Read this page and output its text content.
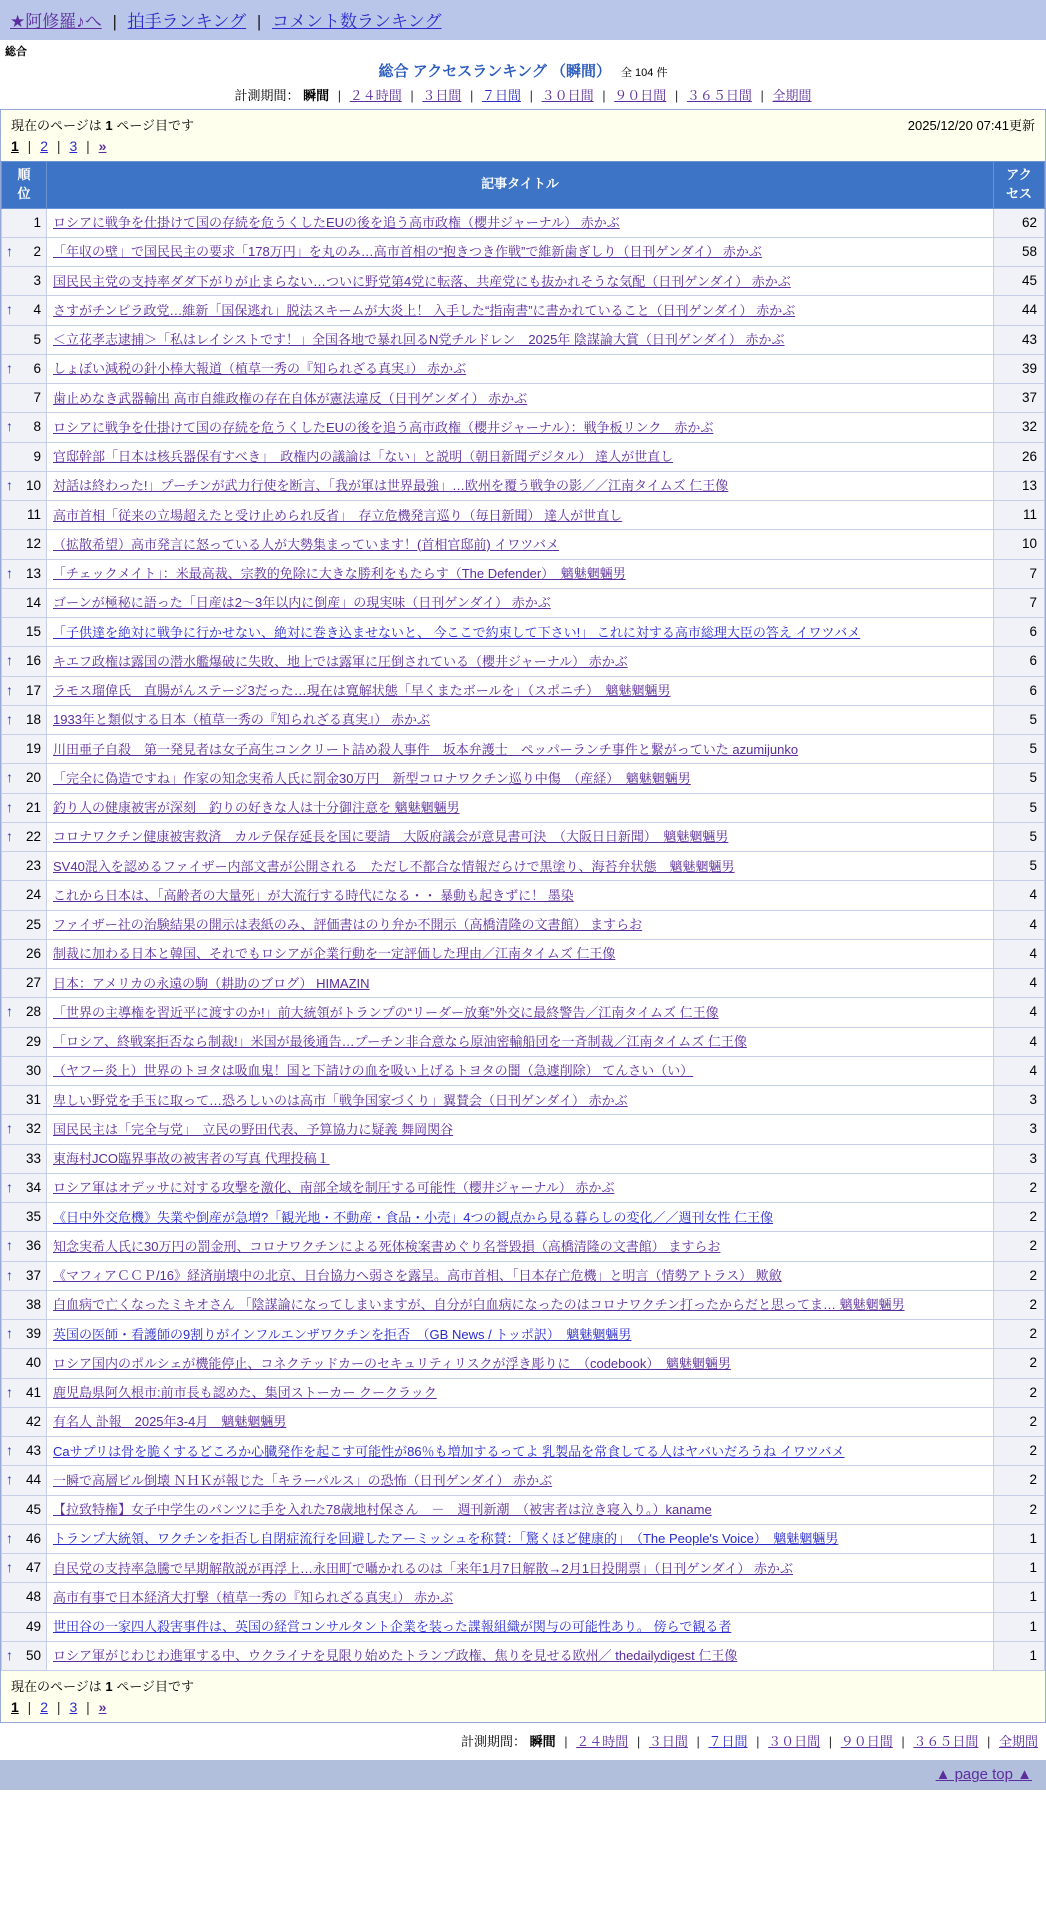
★阿修羅♪へ | 拍手ランキング | コメント数ランキング
総合
総合 アクセスランキング （瞬間） 全 104 件
計測期間： 瞬間 | ２４時間 | ３日間 | ７日間 | ３０日間 | ９０日間 | ３６５日間 | 全期間
現在のページは 1 ページ目です	2025/12/20 07:41更新
1 | 2 | 3 | »
順
位	記事タイトル	アク
セス
1	ロシアに戦争を仕掛けて国の存続を危うくしたEUの後を追う高市政権（櫻井ジャーナル） 赤かぶ	62

↑ 2	「年収の壁」で国民民主の要求「178万円」を丸のみ…高市首相の“抱きつき作戦”で維新歯ぎしり（日刊ゲンダイ） 赤かぶ	58
3	国民民主党の支持率ダダ下がりが止まらない…ついに野党第4党に転落、共産党にも抜かれそうな気配（日刊ゲンダイ） 赤かぶ	45

↑ 4	さすがチンピラ政党…維新「国保逃れ」脱法スキームが大炎上！ 入手した“指南書”に書かれていること（日刊ゲンダイ） 赤かぶ	44
5	＜立花孝志逮捕＞「私はレイシストです！」全国各地で暴れ回るN党チルドレン　2025年 陰謀論大賞（日刊ゲンダイ） 赤かぶ	43

↑ 6	しょぼい減税の針小棒大報道（植草一秀の『知られざる真実』） 赤かぶ	39
7	歯止めなき武器輸出 高市自維政権の存在自体が憲法違反（日刊ゲンダイ） 赤かぶ	37

↑ 8	ロシアに戦争を仕掛けて国の存続を危うくしたEUの後を追う高市政権（櫻井ジャーナル）：戦争板リンク　赤かぶ	32
9	官邸幹部「日本は核兵器保有すべき」　政権内の議論は「ない」と説明（朝日新聞デジタル） 達人が世直し	26

↑ 10	対話は終わった!」プーチンが武力行使を断言、「我が軍は世界最強」…欧州を覆う戦争の影／／江南タイムズ 仁王像	13
11	高市首相「従来の立場超えたと受け止められ反省」　存立危機発言巡り（毎日新聞） 達人が世直し	11
12	（拡散希望）高市発言に怒っている人が大勢集まっています！(首相官邸前) イワツバメ	10

↑ 13	「チェックメイト」：米最高裁、宗教的免除に大きな勝利をもたらす（The Defender）　魑魅魍魎男	7
14	ゴーンが極秘に語った「日産は2〜3年以内に倒産」の現実味（日刊ゲンダイ） 赤かぶ	7
15	「子供達を絶対に戦争に行かせない、絶対に巻き込ませないと、 今ここで約束して下さい!」 これに対する高市総理大臣の答え イワツバメ	6

↑ 16	キエフ政権は露国の潜水艦爆破に失敗、地上では露軍に圧倒されている（櫻井ジャーナル） 赤かぶ	6

↑ 17	ラモス瑠偉氏　直腸がんステージ3だった…現在は寛解状態「早くまたボールを」（スポニチ）　魑魅魍魎男	6

↑ 18	1933年と類似する日本（植草一秀の『知られざる真実』） 赤かぶ	5
19	川田亜子自殺　第一発見者は女子高生コンクリート詰め殺人事件　坂本弁護士　ペッパーランチ事件と繋がっていた azumijunko	5

↑ 20	「完全に偽造ですね」作家の知念実希人氏に罰金30万円　新型コロナワクチン巡り中傷　（産経）　魑魅魍魎男	5

↑ 21	釣り人の健康被害が深刻　釣りの好きな人は十分御注意を 魑魅魍魎男	5

↑ 22	コロナワクチン健康被害救済　カルテ保存延長を国に要請　大阪府議会が意見書可決　（大阪日日新聞）　魑魅魍魎男	5
23	SV40混入を認めるファイザー内部文書が公開される　ただし不都合な情報だらけで黒塗り、海苔弁状態　魑魅魍魎男	5
24	これから日本は、「高齢者の大量死」が大流行する時代になる・・ 暴動も起きずに！ 墨染	4
25	ファイザー社の治験結果の開示は表紙のみ、評価書はのり弁か不開示（高橋清隆の文書館） ますらお	4
26	制裁に加わる日本と韓国、それでもロシアが企業行動を一定評価した理由／江南タイムズ 仁王像	4
27	日本：アメリカの永遠の駒（耕助のブログ） HIMAZIN	4

↑ 28	「世界の主導権を習近平に渡すのか!」前大統領がトランプの“リーダー放棄”外交に最終警告／江南タイムズ 仁王像	4
29	「ロシア、終戦案拒否なら制裁!」米国が最後通告…プーチン非合意なら原油密輸船団を一斉制裁／江南タイムズ 仁王像	4
30	（ヤフー炎上）世界のトヨタは吸血鬼！国と下請けの血を吸い上げるトヨタの闇（急遽削除） てんさい（い）	4
31	卑しい野党を手玉に取って…恐ろしいのは高市「戦争国家づくり」翼賛会（日刊ゲンダイ） 赤かぶ	3

↑ 32	国民民主は「完全与党」　立民の野田代表、予算協力に疑義 舞岡関谷	3
33	東海村JCO臨界事故の被害者の写真 代理投稿１	3

↑ 34	ロシア軍はオデッサに対する攻撃を激化、南部全域を制圧する可能性（櫻井ジャーナル） 赤かぶ	2
35	《日中外交危機》失業や倒産が急増?「観光地・不動産・食品・小売」4つの観点から見る暮らしの変化／／週刊女性 仁王像	2

↑ 36	知念実希人氏に30万円の罰金刑、コロナワクチンによる死体検案書めぐり名誉毀損（高橋清隆の文書館） ますらお	2

↑ 37	《マフィアＣＣＰ/16》経済崩壊中の北京、日台協力へ弱さを露呈。高市首相、「日本存亡危機」と明言（情勢アトラス） 歟斂	2
38	白血病で亡くなったミキオさん 「陰謀論になってしまいますが、自分が白血病になったのはコロナワクチン打ったからだと思ってま… 魑魅魍魎男	2

↑ 39	英国の医師・看護師の9割りがインフルエンザワクチンを拒否　（GB News / トッポ訳）　魑魅魍魎男	2
40	ロシア国内のポルシェが機能停止、コネクテッドカーのセキュリティリスクが浮き彫りに　（codebook）　魑魅魍魎男	2

↑ 41	鹿児島県阿久根市:前市長も認めた、集団ストーカー クークラック	2
42	有名人 訃報　2025年3-4月　魑魅魍魎男	2

↑ 43	Caサプリは骨を脆くするどころか心臓発作を起こす可能性が86％も増加するってよ 乳製品を常食してる人はヤバいだろうね イワツバメ	2

↑ 44	一瞬で高層ビル倒壊 ＮＨＫが報じた「キラーパルス」の恐怖（日刊ゲンダイ） 赤かぶ	2
45	【拉致特権】女子中学生のパンツに手を入れた78歳地村保さん　－　週刊新潮　（被害者は泣き寝入り。）kaname	2

↑ 46	トランプ大統領、ワクチンを拒否し自閉症流行を回避したアーミッシュを称賛：「驚くほど健康的」　（The People's Voice）　魑魅魍魎男	1

↑ 47	自民党の支持率急騰で早期解散説が再浮上…永田町で囁かれるのは「来年1月7日解散→2月1日投開票」（日刊ゲンダイ） 赤かぶ	1
48	高市有事で日本経済大打撃（植草一秀の『知られざる真実』） 赤かぶ	1
49	世田谷の一家四人殺害事件は、英国の経営コンサルタント企業を装った諜報組織が関与の可能性あり。 傍らで観る者	1

↑ 50	ロシア軍がじわじわ進軍する中、ウクライナを見限り始めたトランプ政権、焦りを見せる欧州／ thedailydigest 仁王像	1
現在のページは 1 ページ目です
1 | 2 | 3 | »
計測期間： 瞬間 | ２４時間 | ３日間 | ７日間 | ３０日間 | ９０日間 | ３６５日間 | 全期間
▲ page top ▲
